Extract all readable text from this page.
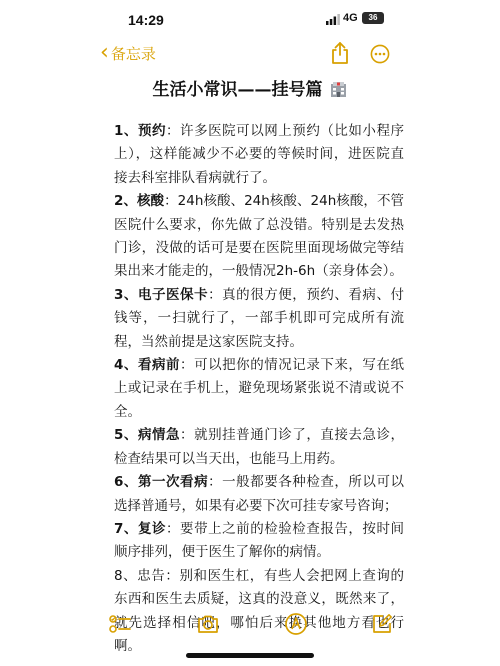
14:29	4G	36
‹ 备忘录
生活小常识——挂号篇

1、预约：许多医院可以网上预约（比如小程序上），这样能减少不必要的等候时间，进医院直接去科室排队看病就行了。

2、核酸：24h核酸、24h核酸、24h核酸，不管医院什么要求，你先做了总没错。特别是去发热门诊，没做的话可是要在医院里面现场做完等结果出来才能走的，一般情况2h-6h（亲身体会）。

3、电子医保卡：真的很方便，预约、看病、付钱等，一扫就行了，一部手机即可完成所有流程，当然前提是这家医院支持。

4、看病前：可以把你的情况记录下来，写在纸上或记录在手机上，避免现场紧张说不清或说不全。

5、病情急：就别挂普通门诊了，直接去急诊，检查结果可以当天出，也能马上用药。

6、第一次看病：一般都要各种检查，所以可以选择普通号，如果有必要下次可挂专家号咨询；

7、复诊：要带上之前的检验检查报告，按时间顺序排列，便于医生了解你的病情。

8、忠告：别和医生杠，有些人会把网上查询的东西和医生去质疑，这真的没意义，既然来了，就先选择相信吧，哪怕后来换其他地方看也行啊。
